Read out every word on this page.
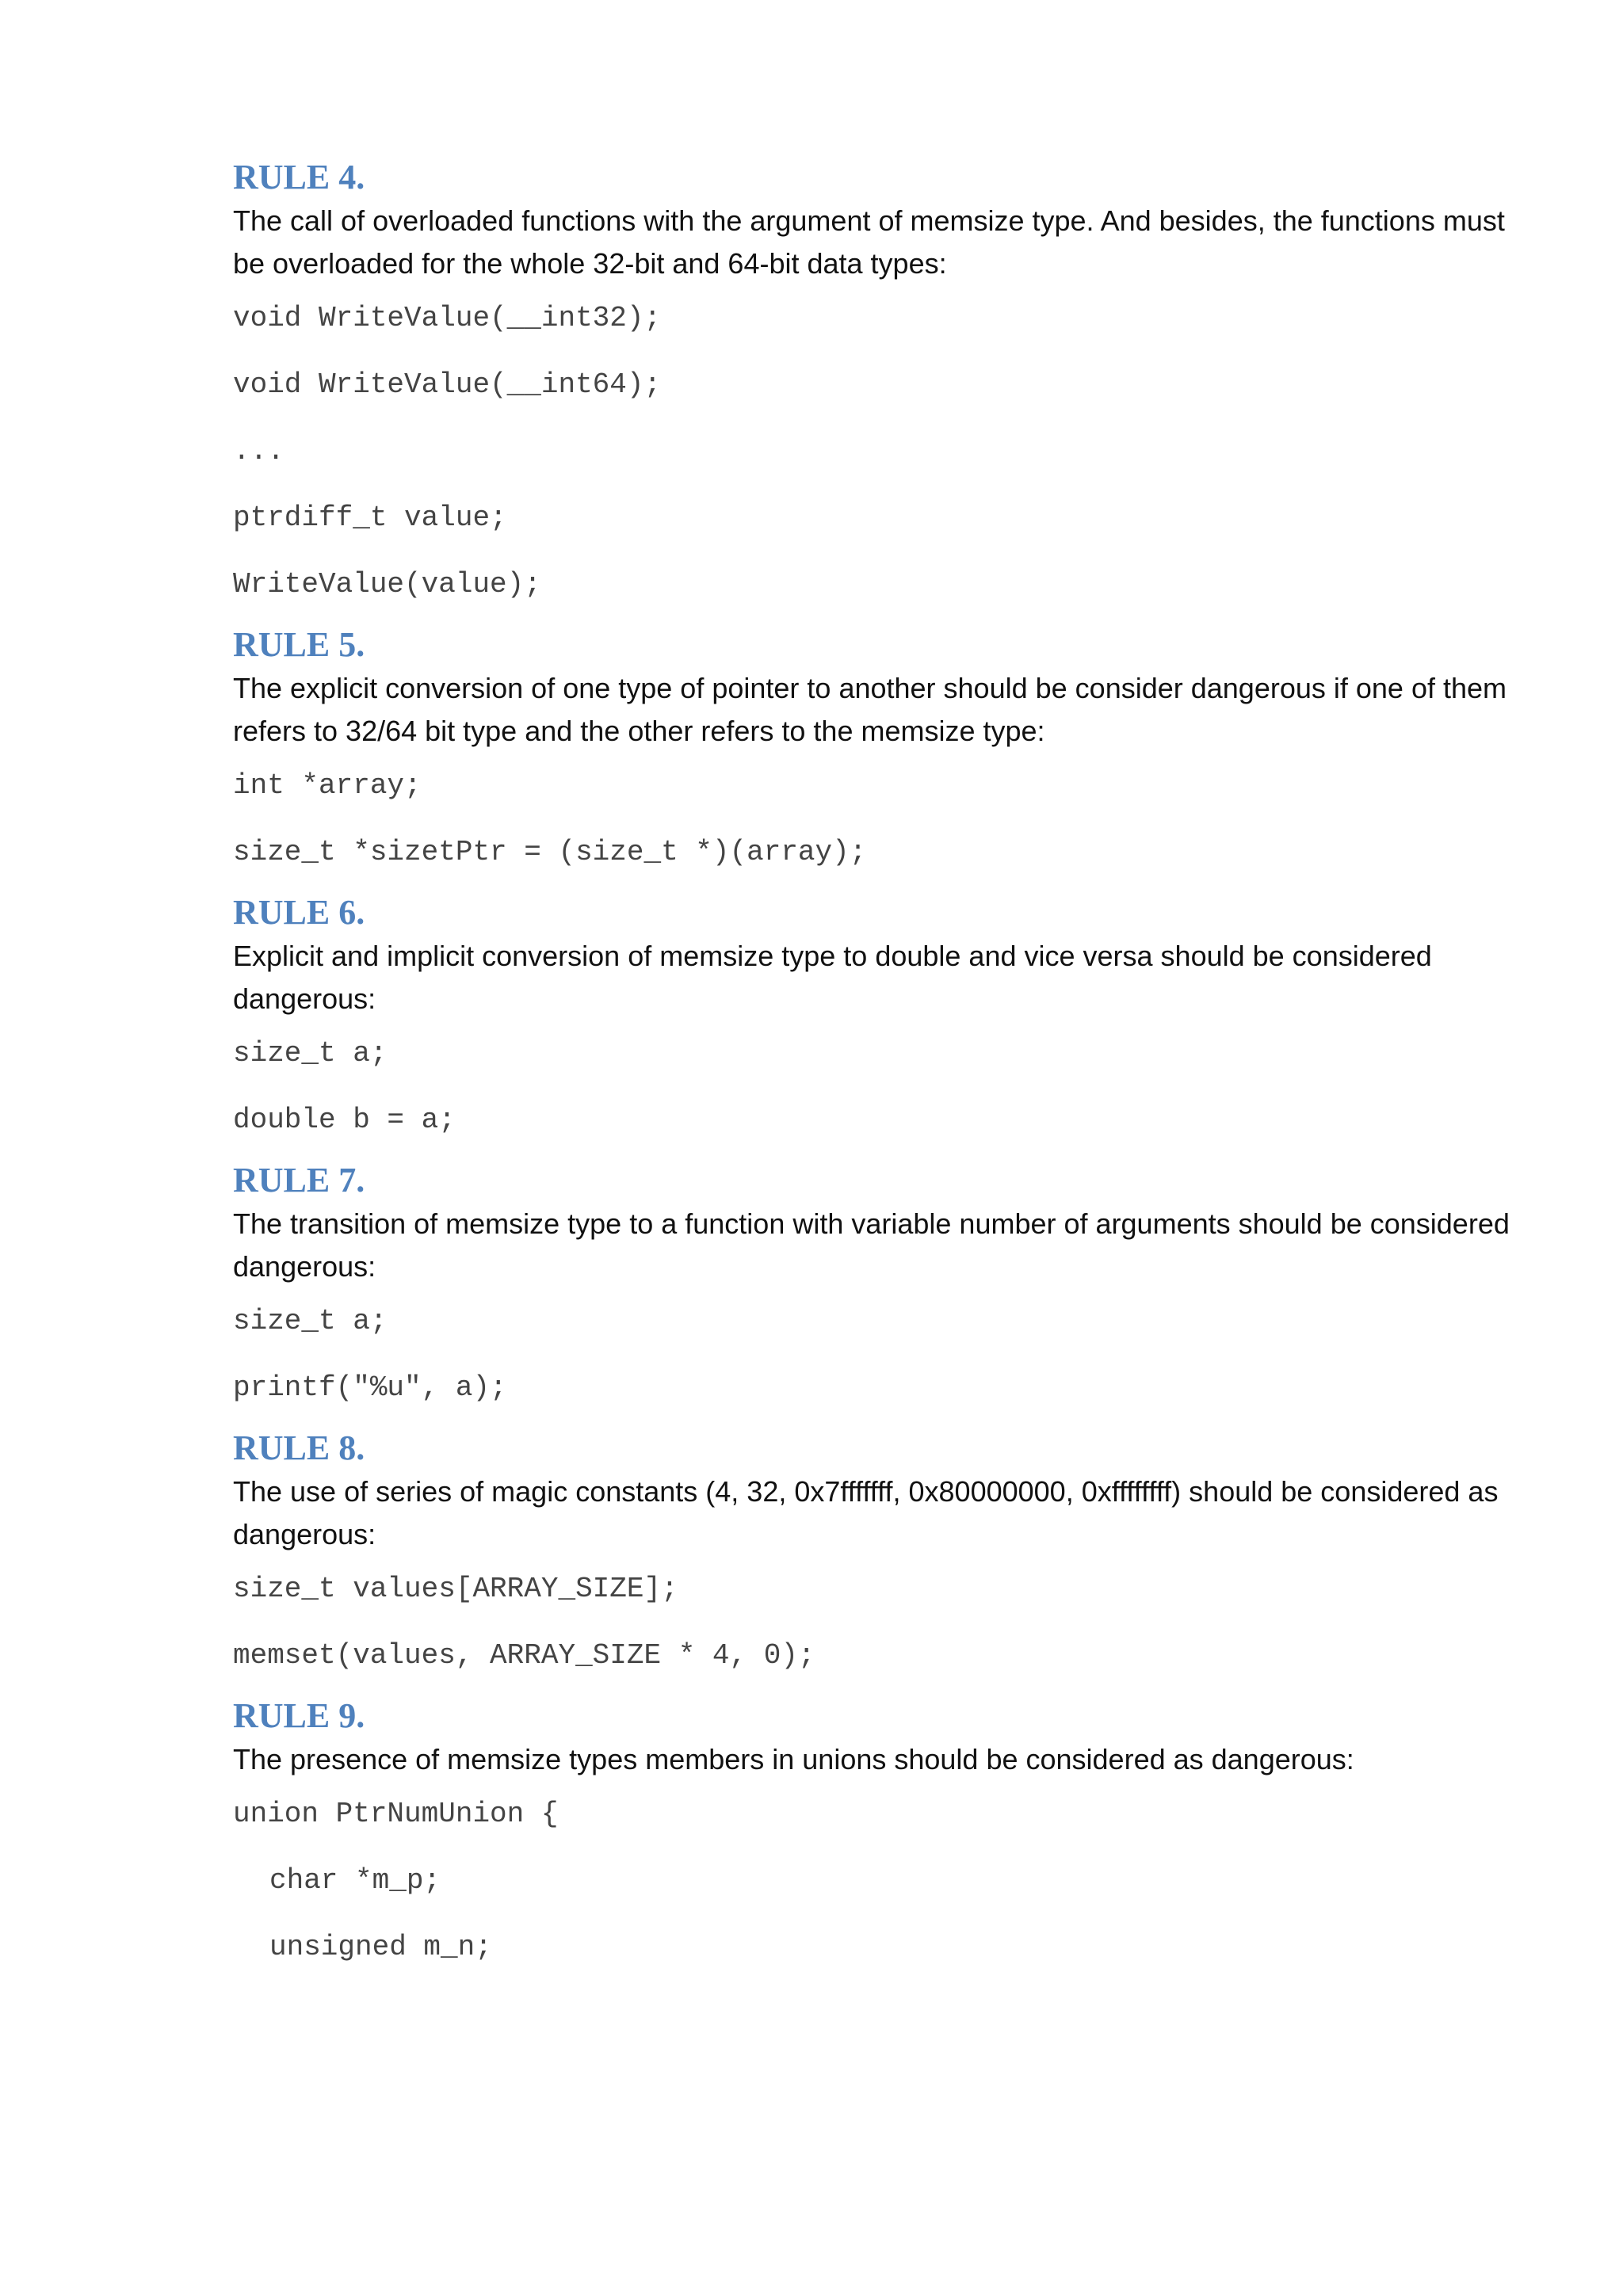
RULE 4.

The call of overloaded functions with the argument of memsize type. And besides, the functions must be overloaded for the whole 32-bit and 64-bit data types:

void WriteValue(__int32);
void WriteValue(__int64);
...
ptrdiff_t value;
WriteValue(value);
RULE 5.

The explicit conversion of one type of pointer to another should be consider dangerous if one of them refers to 32/64 bit type and the other refers to the memsize type:

int *array;
size_t *sizetPtr = (size_t *)(array);
RULE 6.

Explicit and implicit conversion of memsize type to double and vice versa should be considered dangerous:

size_t a;
double b = a;
RULE 7.

The transition of memsize type to a function with variable number of arguments should be considered dangerous:

size_t a;
printf("%u", a);
RULE 8.

The use of series of magic constants (4, 32, 0x7fffffff, 0x80000000, 0xffffffff) should be considered as dangerous:

size_t values[ARRAY_SIZE];
memset(values, ARRAY_SIZE * 4, 0);
RULE 9.

The presence of memsize types members in unions should be considered as dangerous:

union PtrNumUnion {
char *m_p;
unsigned m_n;
